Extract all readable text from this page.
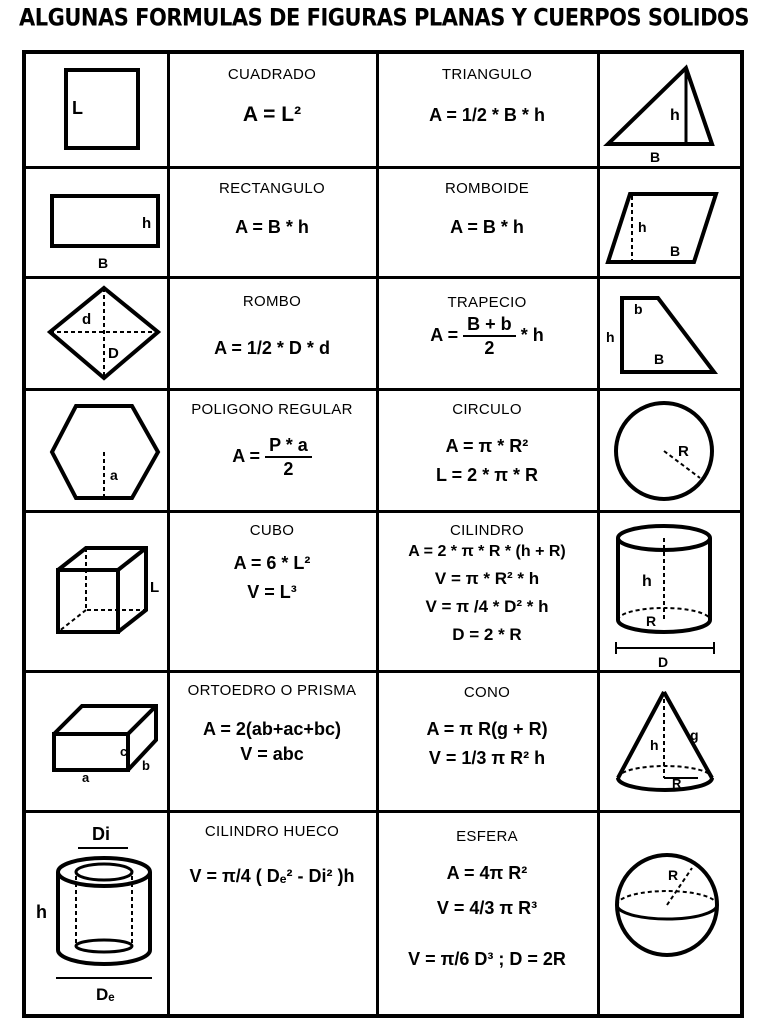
ALGUNAS FORMULAS DE FIGURAS PLANAS Y CUERPOS SOLIDOS
L
CUADRADO
A = L²
TRIANGULO
A = 1/2 * B * h	h
B
h
B
RECTANGULO
A = B * h
ROMBOIDE
A = B * h	h
B
d
D
ROMBO
A = 1/2 * D * d
TRAPECIO
$A = \frac{B + b}{2} * h$
b
h
B
a
POLIGONO REGULAR
$A = \frac{P * a}{2}$
CIRCULO
A = π * R²
L = 2 * π * R
R
L
CUBO
A = 6 * L²
V = L³
CILINDRO
A = 2 * π * R * (h + R)
V = π * R² * h
V = π /4 * D² * h
D = 2 * R
h
R
D
c
a
b
ORTOEDRO O PRISMA
A = 2(ab+ac+bc)
V = abc
CONO
A = π R(g + R)
V = 1/3 π R² h
h
g
R
Di
h
Dₑ
CILINDRO HUECO
V = π/4 ( Dₑ² - Di² )h
ESFERA
A = 4π R²
V = 4/3 π R³
V = π/6 D³ ; D = 2R
R
